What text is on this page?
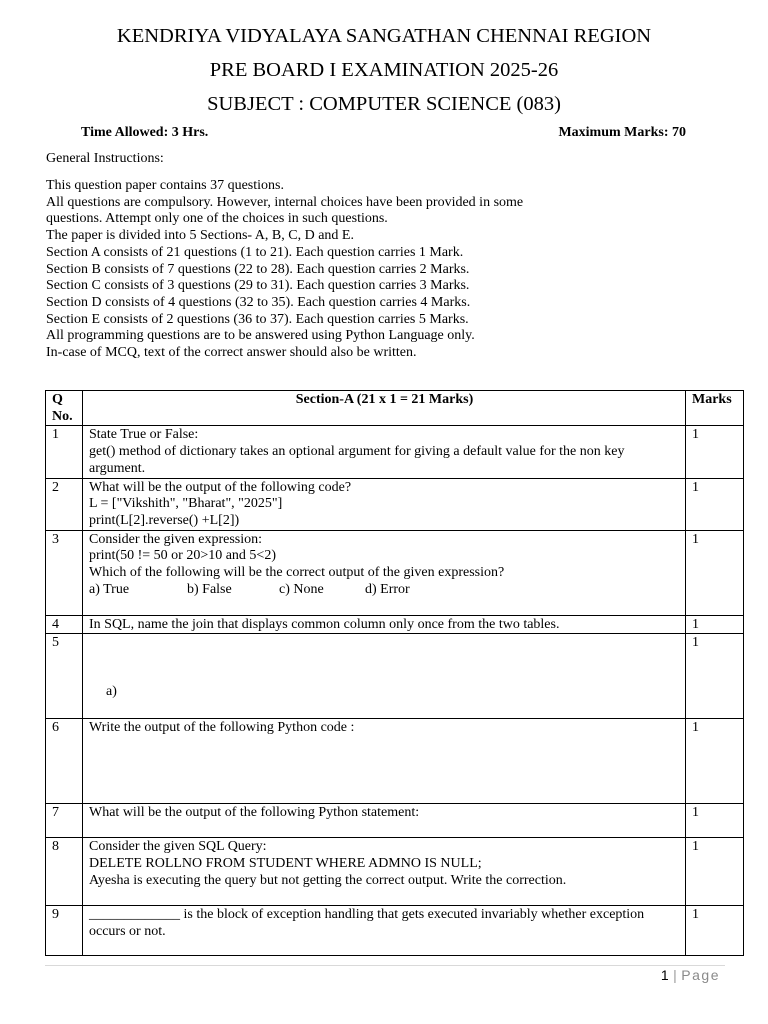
KENDRIYA VIDYALAYA SANGATHAN CHENNAI REGION
PRE BOARD I EXAMINATION 2025-26
SUBJECT : COMPUTER SCIENCE (083)
Time Allowed: 3 Hrs.	Maximum Marks: 70
General Instructions:
This question paper contains 37 questions.
All questions are compulsory. However, internal choices have been provided in some
questions. Attempt only one of the choices in such questions.
The paper is divided into 5 Sections- A, B, C, D and E.
Section A consists of 21 questions (1 to 21). Each question carries 1 Mark.
Section B consists of 7 questions (22 to 28). Each question carries 2 Marks.
Section C consists of 3 questions (29 to 31). Each question carries 3 Marks.
Section D consists of 4 questions (32 to 35). Each question carries 4 Marks.
Section E consists of 2 questions (36 to 37). Each question carries 5 Marks.
All programming questions are to be answered using Python Language only.
In-case of MCQ, text of the correct answer should also be written.
Q No.	Section-A (21 x 1 = 21 Marks)	Marks
1	State True or False:
get() method of dictionary takes an optional argument for giving a default value for the non key argument.	1
2	What will be the output of the following code?
L = ["Vikshith", "Bharat", "2025"]
print(L[2].reverse() +L[2])	1
3	Consider the given expression:
print(50 != 50 or 20>10 and 5<2)
Which of the following will be the correct output of the given expression?
a) True b) False c) None d) Error	1
4	In SQL, name the join that displays common column only once from the two tables.	1
5	a)	1
6	Write the output of the following Python code :	1
7	What will be the output of the following Python statement:	1
8	Consider the given SQL Query:
DELETE ROLLNO FROM STUDENT WHERE ADMNO IS NULL;
Ayesha is executing the query but not getting the correct output. Write the correction.	1
9	_____________ is the block of exception handling that gets executed invariably whether exception occurs or not.	1
1 | Page
